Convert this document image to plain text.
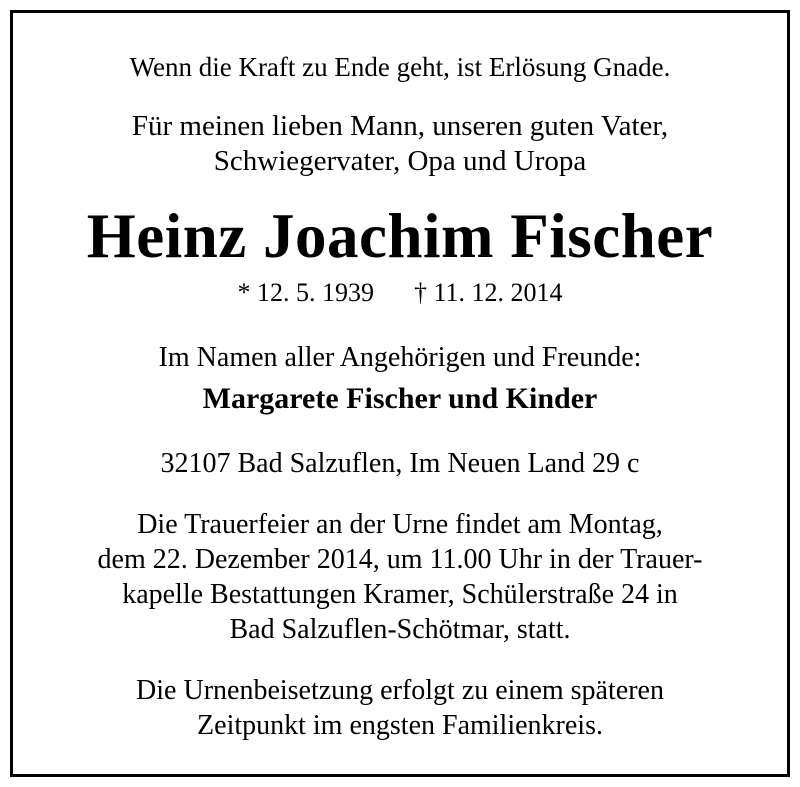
Wenn die Kraft zu Ende geht, ist Erlösung Gnade.
Für meinen lieben Mann, unseren guten Vater,
Schwiegervater, Opa und Uropa
Heinz Joachim Fischer
* 12. 5. 1939 † 11. 12. 2014
Im Namen aller Angehörigen und Freunde:
Margarete Fischer und Kinder
32107 Bad Salzuflen, Im Neuen Land 29 c
Die Trauerfeier an der Urne findet am Montag,
dem 22. Dezember 2014, um 11.00 Uhr in der Trauer-
kapelle Bestattungen Kramer, Schülerstraße 24 in
Bad Salzuflen-Schötmar, statt.
Die Urnenbeisetzung erfolgt zu einem späteren
Zeitpunkt im engsten Familienkreis.
